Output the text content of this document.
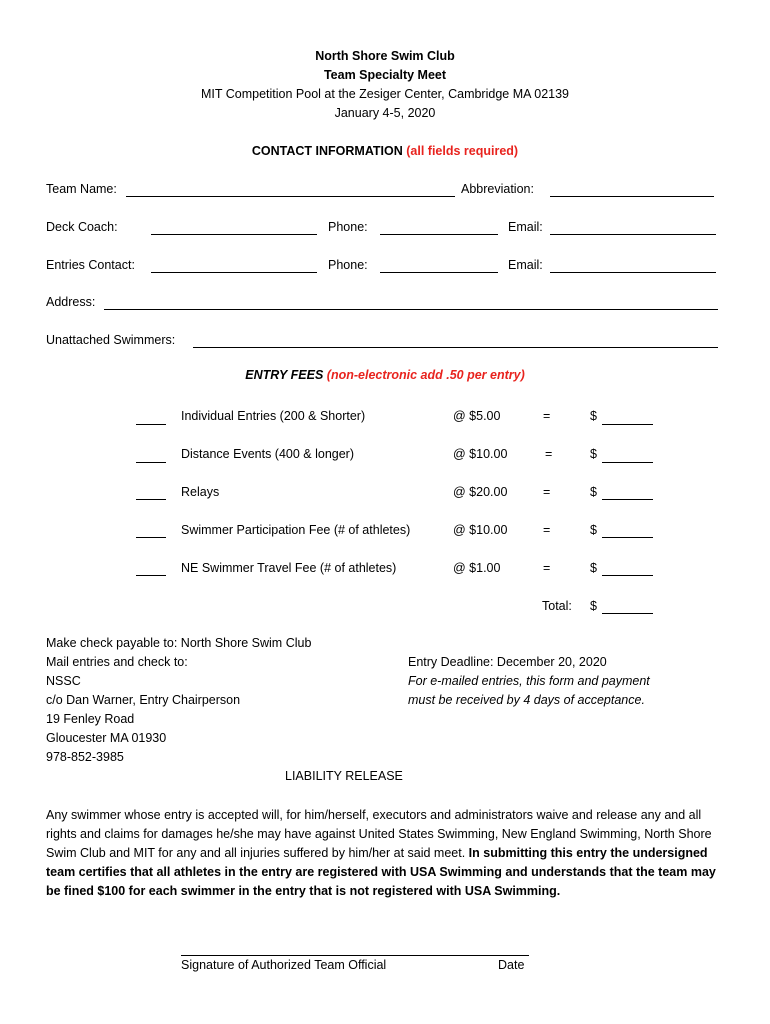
North Shore Swim Club
Team Specialty Meet
MIT Competition Pool at the Zesiger Center, Cambridge MA 02139
January 4-5, 2020
CONTACT INFORMATION (all fields required)
Team Name:	Abbreviation:
Deck Coach:	Phone:	Email:
Entries Contact:	Phone:	Email:
Address:
Unattached Swimmers:
ENTRY FEES (non-electronic add .50 per entry)
Individual Entries (200 & Shorter)	@ $5.00	=	$
Distance Events (400 & longer)	@ $10.00	=	$
Relays	@ $20.00	=	$
Swimmer Participation Fee (# of athletes)	@ $10.00	=	$
NE Swimmer Travel Fee (# of athletes)	@ $1.00	=	$
Total: $
Make check payable to: North Shore Swim Club
Mail entries and check to:
NSSC
c/o Dan Warner, Entry Chairperson
19 Fenley Road
Gloucester MA 01930
978-852-3985
Entry Deadline: December 20, 2020
For e-mailed entries, this form and payment
must be received by 4 days of acceptance.
LIABILITY RELEASE
Any swimmer whose entry is accepted will, for him/herself, executors and administrators waive and release any and all rights and claims for damages he/she may have against United States Swimming, New England Swimming, North Shore Swim Club and MIT for any and all injuries suffered by him/her at said meet. In submitting this entry the undersigned team certifies that all athletes in the entry are registered with USA Swimming and understands that the team may be fined $100 for each swimmer in the entry that is not registered with USA Swimming.
Signature of Authorized Team Official	Date
